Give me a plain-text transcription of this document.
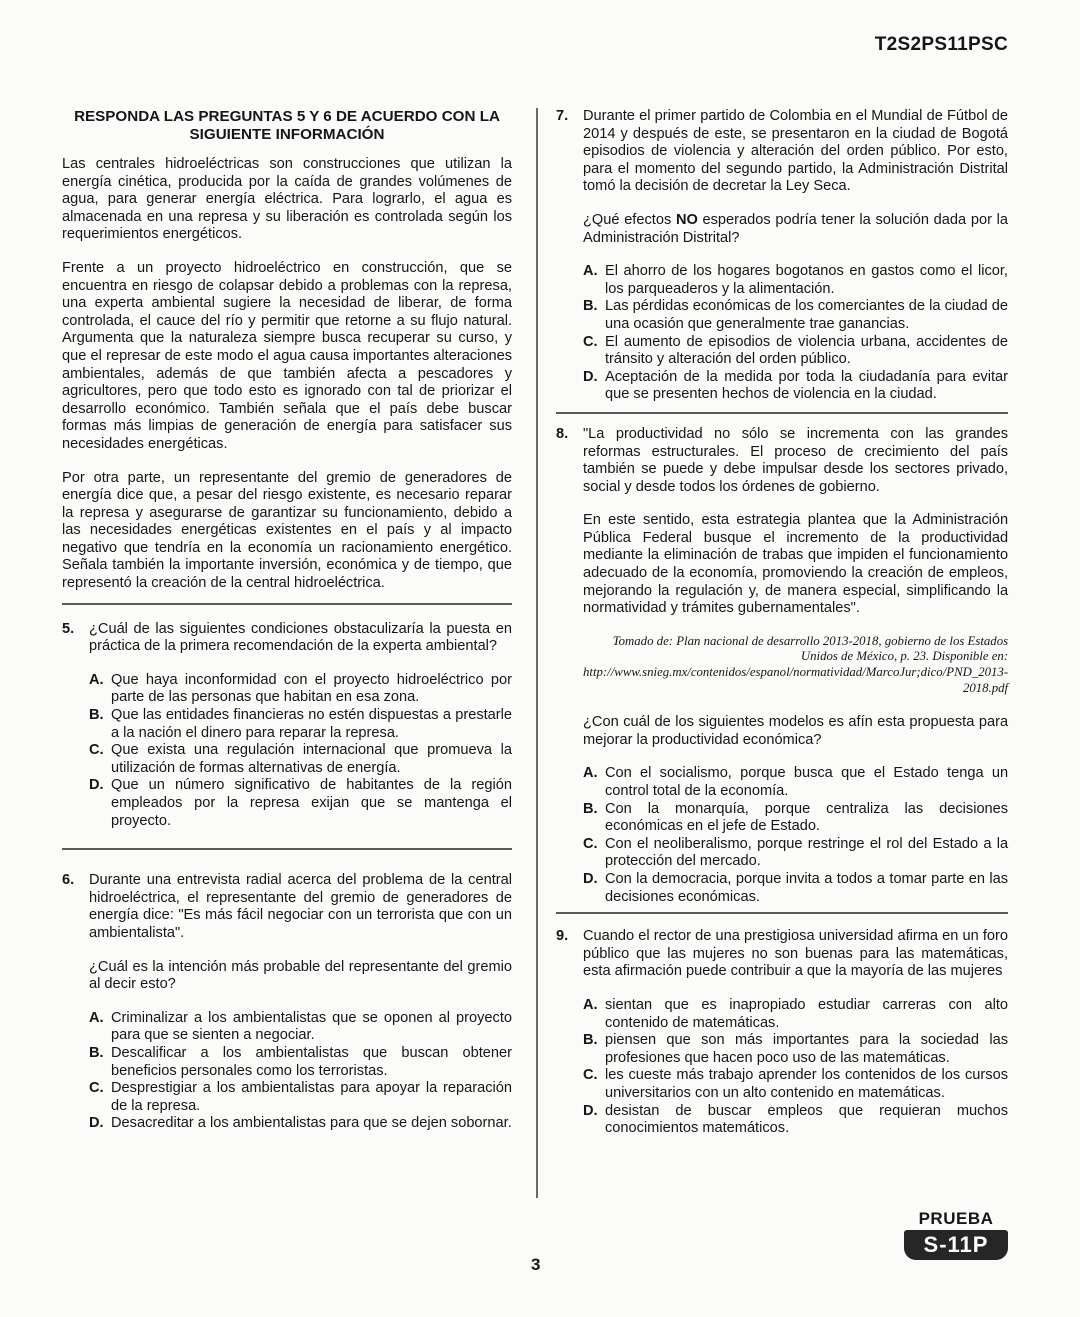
T2S2PS11PSC
RESPONDA LAS PREGUNTAS 5 Y 6 DE ACUERDO CON LA SIGUIENTE INFORMACIÓN

Las centrales hidroeléctricas son construcciones que utilizan la energía cinética, producida por la caída de grandes volúmenes de agua, para generar energía eléctrica. Para lograrlo, el agua es almacenada en una represa y su liberación es controlada según los requerimientos energéticos.

Frente a un proyecto hidroeléctrico en construcción, que se encuentra en riesgo de colapsar debido a problemas con la represa, una experta ambiental sugiere la necesidad de liberar, de forma controlada, el cauce del río y permitir que retorne a su flujo natural. Argumenta que la naturaleza siempre busca recuperar su curso, y que el represar de este modo el agua causa importantes alteraciones ambientales, además de que también afecta a pescadores y agricultores, pero que todo esto es ignorado con tal de priorizar el desarrollo económico. También señala que el país debe buscar formas más limpias de generación de energía para satisfacer sus necesidades energéticas.

Por otra parte, un representante del gremio de generadores de energía dice que, a pesar del riesgo existente, es necesario reparar la represa y asegurarse de garantizar su funcionamiento, debido a las necesidades energéticas existentes en el país y al impacto negativo que tendría en la economía un racionamiento energético. Señala también la importante inversión, económica y de tiempo, que representó la creación de la central hidroeléctrica.

5.	¿Cuál de las siguientes condiciones obstaculizaría la puesta en práctica de la primera recomendación de la experta ambiental?

A. Que haya inconformidad con el proyecto hidroeléctrico por parte de las personas que habitan en esa zona.
B. Que las entidades financieras no estén dispuestas a prestarle a la nación el dinero para reparar la represa.
C. Que exista una regulación internacional que promueva la utilización de formas alternativas de energía.
D. Que un número significativo de habitantes de la región empleados por la represa exijan que se mantenga el proyecto.
6.	Durante una entrevista radial acerca del problema de la central hidroeléctrica, el representante del gremio de generadores de energía dice: "Es más fácil negociar con un terrorista que con un ambientalista".

¿Cuál es la intención más probable del representante del gremio al decir esto?

A. Criminalizar a los ambientalistas que se oponen al proyecto para que se sienten a negociar.
B. Descalificar a los ambientalistas que buscan obtener beneficios personales como los terroristas.
C. Desprestigiar a los ambientalistas para apoyar la reparación de la represa.
D. Desacreditar a los ambientalistas para que se dejen sobornar.
7.	Durante el primer partido de Colombia en el Mundial de Fútbol de 2014 y después de este, se presentaron en la ciudad de Bogotá episodios de violencia y alteración del orden público. Por esto, para el momento del segundo partido, la Administración Distrital tomó la decisión de decretar la Ley Seca.

¿Qué efectos NO esperados podría tener la solución dada por la Administración Distrital?

A. El ahorro de los hogares bogotanos en gastos como el licor, los parqueaderos y la alimentación.
B. Las pérdidas económicas de los comerciantes de la ciudad de una ocasión que generalmente trae ganancias.
C. El aumento de episodios de violencia urbana, accidentes de tránsito y alteración del orden público.
D. Aceptación de la medida por toda la ciudadanía para evitar que se presenten hechos de violencia en la ciudad.
8.	"La productividad no sólo se incrementa con las grandes reformas estructurales. El proceso de crecimiento del país también se puede y debe impulsar desde los sectores privado, social y desde todos los órdenes de gobierno.

En este sentido, esta estrategia plantea que la Administración Pública Federal busque el incremento de la productividad mediante la eliminación de trabas que impiden el funcionamiento adecuado de la economía, promoviendo la creación de empleos, mejorando la regulación y, de manera especial, simplificando la normatividad y trámites gubernamentales".

Tomado de: Plan nacional de desarrollo 2013-2018, gobierno de los Estados Unidos de México, p. 23. Disponible en: http://www.snieg.mx/contenidos/espanol/normatividad/MarcoJur;dico/PND_2013-2018.pdf

¿Con cuál de los siguientes modelos es afín esta propuesta para mejorar la productividad económica?

A. Con el socialismo, porque busca que el Estado tenga un control total de la economía.
B. Con la monarquía, porque centraliza las decisiones económicas en el jefe de Estado.
C. Con el neoliberalismo, porque restringe el rol del Estado a la protección del mercado.
D. Con la democracia, porque invita a todos a tomar parte en las decisiones económicas.
9.	Cuando el rector de una prestigiosa universidad afirma en un foro público que las mujeres no son buenas para las matemáticas, esta afirmación puede contribuir a que la mayoría de las mujeres

A. sientan que es inapropiado estudiar carreras con alto contenido de matemáticas.
B. piensen que son más importantes para la sociedad las profesiones que hacen poco uso de las matemáticas.
C. les cueste más trabajo aprender los contenidos de los cursos universitarios con un alto contenido en matemáticas.
D. desistan de buscar empleos que requieran muchos conocimientos matemáticos.
3
PRUEBA
S-11P
